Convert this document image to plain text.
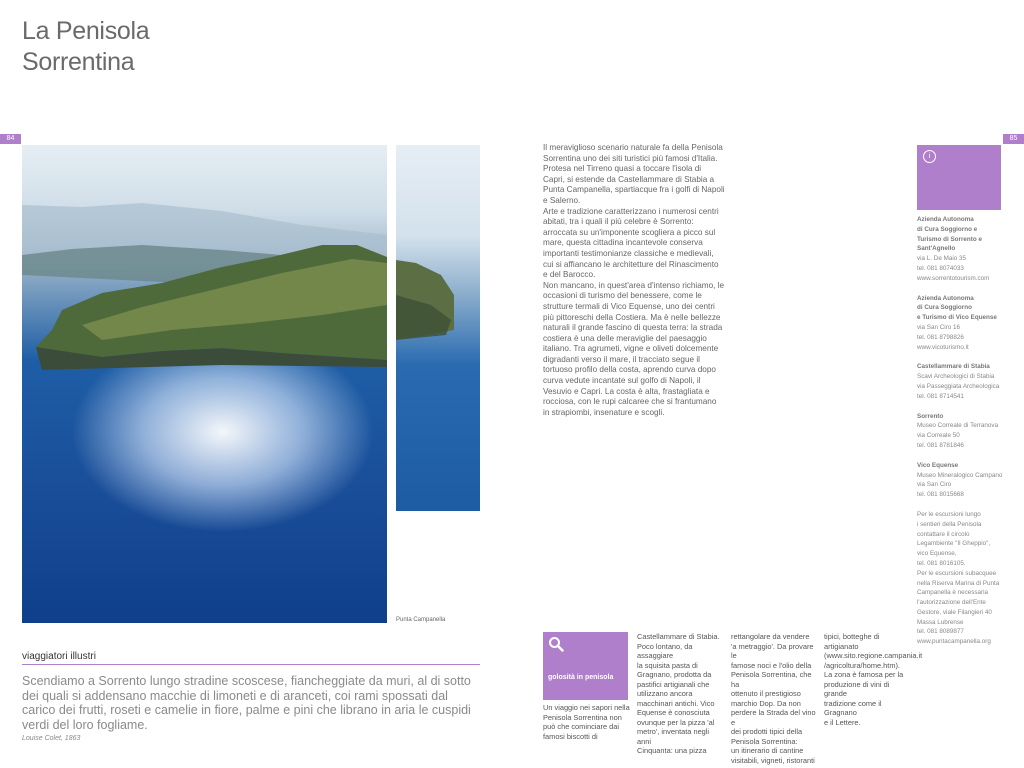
La Penisola
Sorrentina
84	85
Punta Campanella
viaggiatori illustri
Scendiamo a Sorrento lungo stradine scoscese, fiancheggiate da muri, al di sotto dei quali si addensano macchie di limoneti e di aranceti, coi rami spossati dal carico dei frutti, roseti e camelie in fiore, palme e pini che librano in aria le cuspidi verdi del loro fogliame.
Louise Colet, 1863
Il meraviglioso scenario naturale fa della Penisola Sorrentina uno dei siti turistici più famosi d'Italia. Protesa nel Tirreno quasi a toccare l'isola di Capri, si estende da Castellammare di Stabia a Punta Campanella, spartiacque fra i golfi di Napoli e Salerno.
Arte e tradizione caratterizzano i numerosi centri abitati, tra i quali il più celebre è Sorrento: arroccata su un'imponente scogliera a picco sul mare, questa cittadina incantevole conserva importanti testimonianze classiche e medievali, cui si affiancano le architetture del Rinascimento e del Barocco.
Non mancano, in quest'area d'intenso richiamo, le occasioni di turismo del benessere, come le strutture termali di Vico Equense, uno dei centri più pittoreschi della Costiera. Ma è nelle bellezze naturali il grande fascino di questa terra: la strada costiera è una delle meraviglie del paesaggio italiano. Tra agrumeti, vigne e oliveti dolcemente digradanti verso il mare, il tracciato segue il tortuoso profilo della costa, aprendo curva dopo curva vedute incantate sul golfo di Napoli, il Vesuvio e Capri. La costa è alta, frastagliata e rocciosa, con le rupi calcaree che si frantumano in strapiombi, insenature e scogli.
i
Azienda Autonoma
di Cura Soggiorno e
Turismo di Sorrento e
Sant'Agnello
via L. De Maio 35
tel. 081 8074033
www.sorrentotourism.com
Azienda Autonoma
di Cura Soggiorno
e Turismo di Vico Equense
via San Ciro 16
tel. 081 8798826
www.vicoturismo.it
Castellammare di Stabia
Scavi Archeologici di Stabia
via Passeggiata Archeologica
tel. 081 8714541
Sorrento
Museo Correale di Terranova
via Correale 50
tel. 081 8781846
Vico Equense
Museo Mineralogico Campano
via San Ciro
tel. 081 8015668
Per le escursioni lungo
i sentieri della Penisola
contattare il circolo
Legambiente "Il Gheppio",
vico Equense,
tel. 081 8016105.
Per le escursioni subacquee
nella Riserva Marina di Punta
Campanella è necessaria
l'autorizzazione dell'Ente
Gestore, viale Filangieri 40
Massa Lubrense
tel. 081 8089877
www.puntacampanella.org
golosità in penisola
Un viaggio nei sapori nella
Penisola Sorrentina non
può che cominciare dai
famosi biscotti di
Castellammare di Stabia.
Poco lontano, da assaggiare
la squisita pasta di
Gragnano, prodotta da
pastifici artigianali che
utilizzano ancora
macchinari antichi. Vico
Equense è conosciuta
ovunque per la pizza 'al
metro', inventata negli anni
Cinquanta: una pizza
rettangolare da vendere
'a metraggio'. Da provare le
famose noci e l'olio della
Penisola Sorrentina, che ha
ottenuto il prestigioso
marchio Dop. Da non
perdere la Strada del vino e
dei prodotti tipici della
Penisola Sorrentina:
un itinerario di cantine
visitabili, vigneti, ristoranti
tipici, botteghe di
artigianato
(www.sito.regione.campania.it
/agricoltura/home.htm).
La zona è famosa per la
produzione di vini di grande
tradizione come il Gragnano
e il Lettere.
